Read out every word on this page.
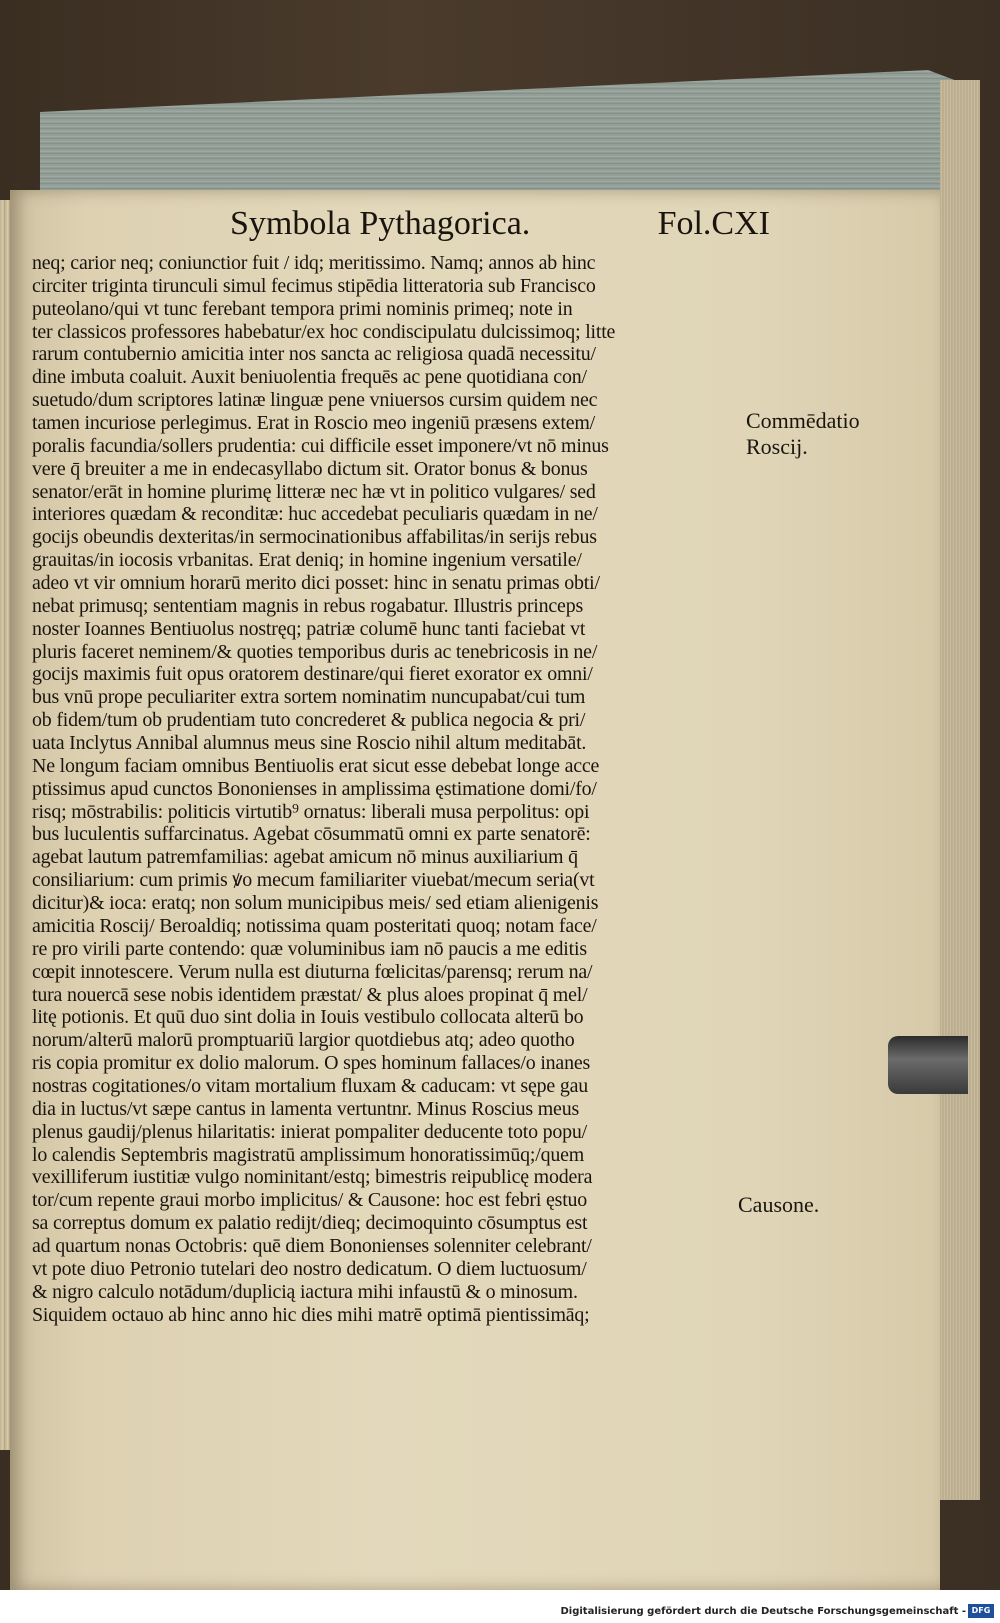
Symbola Pythagorica.	Fol.CXI
neq; carior neq; coniunctior fuit / idq; meritissimo. Namq; annos ab hinc
circiter triginta tirunculi simul fecimus stipēdia litteratoria sub Francisco
puteolano/qui vt tunc ferebant tempora primi nominis primeq; note in
ter classicos professores habebatur/ex hoc condiscipulatu dulcissimoq; litte
rarum contubernio amicitia inter nos sancta ac religiosa quadā necessitu/
dine imbuta coaluit. Auxit beniuolentia frequēs ac pene quotidiana con/
suetudo/dum scriptores latinæ linguæ pene vniuersos cursim quidem nec
tamen incuriose perlegimus. Erat in Roscio meo ingeniū præsens extem/
poralis facundia/sollers prudentia: cui difficile esset imponere/vt nō minus
vere q̄ breuiter a me in endecasyllabo dictum sit. Orator bonus & bonus
senator/erāt in homine plurimę litteræ nec hæ vt in politico vulgares/ sed
interiores quædam & reconditæ: huc accedebat peculiaris quædam in ne/
gocijs obeundis dexteritas/in sermocinationibus affabilitas/in serijs rebus
grauitas/in iocosis vrbanitas. Erat deniq; in homine ingenium versatile/
adeo vt vir omnium horarū merito dici posset: hinc in senatu primas obti/
nebat primusq; sententiam magnis in rebus rogabatur. Illustris princeps
noster Ioannes Bentiuolus nostręq; patriæ columē hunc tanti faciebat vt
pluris faceret neminem/& quoties temporibus duris ac tenebricosis in ne/
gocijs maximis fuit opus oratorem destinare/qui fieret exorator ex omni/
bus vnū prope peculiariter extra sortem nominatim nuncupabat/cui tum
ob fidem/tum ob prudentiam tuto concrederet & publica negocia & pri/
uata Inclytus Annibal alumnus meus sine Roscio nihil altum meditabāt.
Ne longum faciam omnibus Bentiuolis erat sicut esse debebat longe acce
ptissimus apud cunctos Bononienses in amplissima ęstimatione domi/fo/
risq; mōstrabilis: politicis virtutib⁹ ornatus: liberali musa perpolitus: opi
bus luculentis suffarcinatus. Agebat cōsummatū omni ex parte senatorē:
agebat lautum patremfamilias: agebat amicum nō minus auxiliarium q̄
consiliarium: cum primis ꝟo mecum familiariter viuebat/mecum seria(vt
dicitur)& ioca: eratq; non solum municipibus meis/ sed etiam alienigenis
amicitia Roscij/ Beroaldiq; notissima quam posteritati quoq; notam face/
re pro virili parte contendo: quæ voluminibus iam nō paucis a me editis
cœpit innotescere. Verum nulla est diuturna fœlicitas/parensq; rerum na/
tura nouercā sese nobis identidem præstat/ & plus aloes propinat q̄ mel/
litę potionis. Et quū duo sint dolia in Iouis vestibulo collocata alterū bo
norum/alterū malorū promptuariū largior quotdiebus atq; adeo quotho
ris copia promitur ex dolio malorum. O spes hominum fallaces/o inanes
nostras cogitationes/o vitam mortalium fluxam & caducam: vt sępe gau
dia in luctus/vt sæpe cantus in lamenta vertuntnr. Minus Roscius meus
plenus gaudij/plenus hilaritatis: inierat pompaliter deducente toto popu/
lo calendis Septembris magistratū amplissimum honoratissimūq;/quem
vexilliferum iustitiæ vulgo nominitant/estq; bimestris reipublicę modera
tor/cum repente graui morbo implicitus/ & Causone: hoc est febri ęstuo
sa correptus domum ex palatio redijt/dieq; decimoquinto cōsumptus est
ad quartum nonas Octobris: quē diem Bononienses solenniter celebrant/
vt pote diuo Petronio tutelari deo nostro dedicatum. O diem luctuosum/
& nigro calculo notādum/duplicią iactura mihi infaustū & o minosum.
Siquidem octauo ab hinc anno hic dies mihi matrē optimā pientissimāq;
Commēdatio
Roscij.
Causone.
Digitalisierung gefördert durch die Deutsche Forschungsgemeinschaft - DFG
